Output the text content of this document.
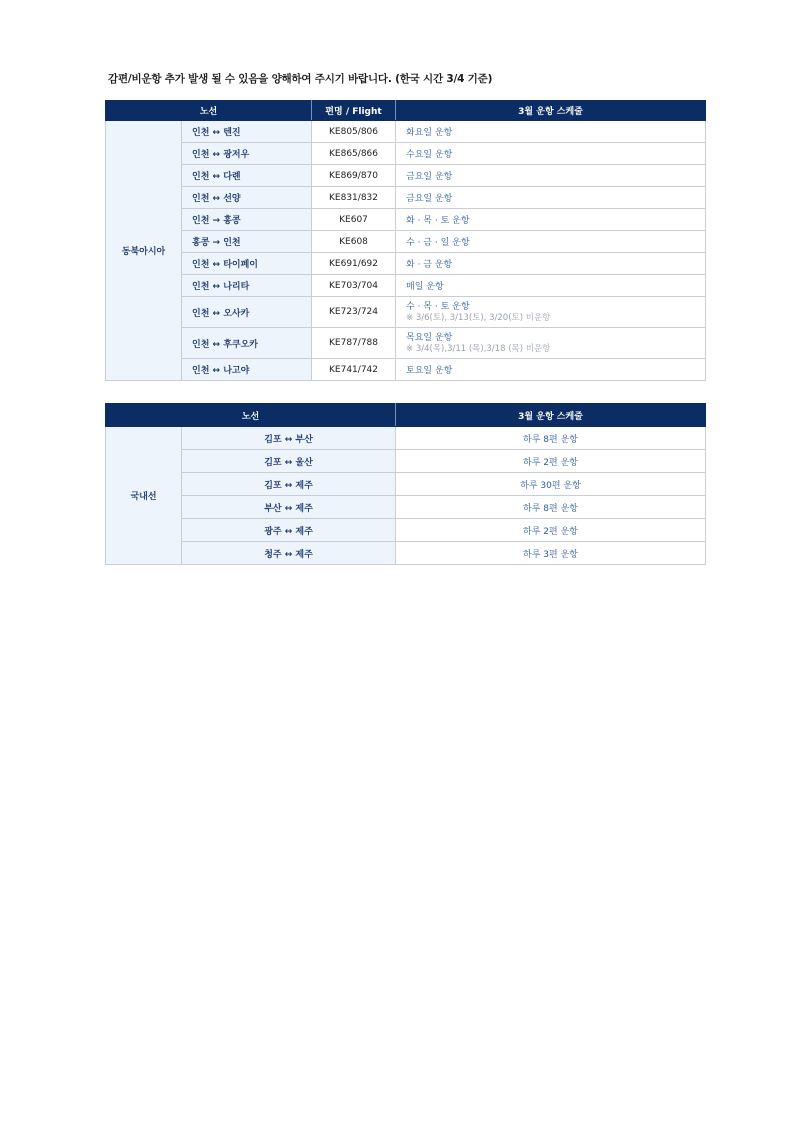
감편/비운항 추가 발생 될 수 있음을 양해하여 주시기 바랍니다. (한국 시간 3/4 기준)
노선		편명 / Flight	3월 운항 스케줄
동북아시아	인천 ↔ 텐진	KE805/806	화요일 운항
	인천 ↔ 광저우	KE865/866	수요일 운항
	인천 ↔ 다롄	KE869/870	금요일 운항
	인천 ↔ 선양	KE831/832	금요일 운항
	인천 → 홍콩	KE607	화 · 목 · 토 운항
	홍콩 → 인천	KE608	수 · 금 · 일 운항
	인천 ↔ 타이페이	KE691/692	화 · 금 운항
	인천 ↔ 나리타	KE703/704	매일 운항
	인천 ↔ 오사카	KE723/724	수 · 목 · 토 운항
※ 3/6(토), 3/13(토), 3/20(토) 비운항

	인천 ↔ 후쿠오카	KE787/788	목요일 운항
※ 3/4(목),3/11 (목),3/18 (목) 비운항

	인천 ↔ 나고야	KE741/742	토요일 운항
노선		3월 운항 스케줄
국내선	김포 ↔ 부산	하루 8편 운항
	김포 ↔ 울산	하루 2편 운항
	김포 ↔ 제주	하루 30편 운항
	부산 ↔ 제주	하루 8편 운항
	광주 ↔ 제주	하루 2편 운항
	청주 ↔ 제주	하루 3편 운항
